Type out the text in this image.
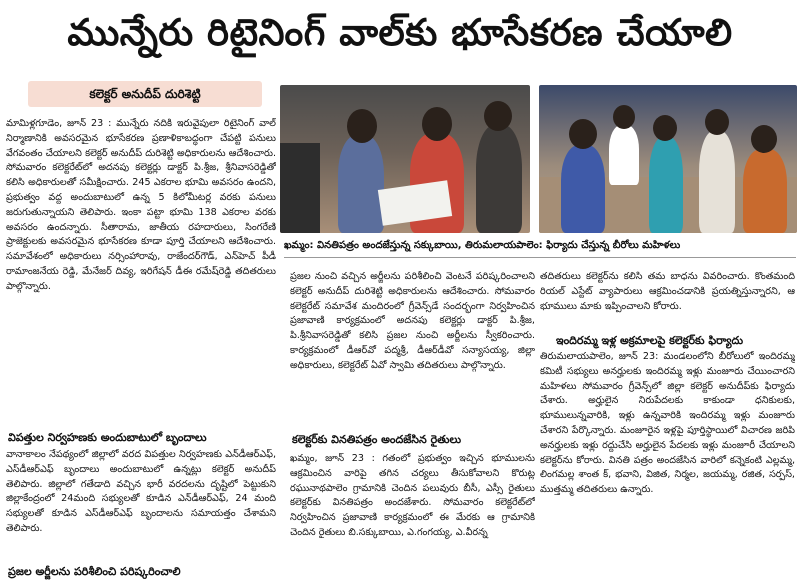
మున్నేరు రిటైనింగ్ వాల్‌కు భూసేకరణ చేయాలి
కలెక్టర్ అనుదీప్ దురిశెట్టి

మామిళ్లగూడెం, జూన్ 23 : మున్నేరు నదికి ఇరువైపులా రిటైనింగ్ వాల్ నిర్మాణానికి అవసరమైన భూసేకరణ ప్రణాళికాబద్ధంగా చేపట్టి పనులు వేగవంతం చేయాలని కలెక్టర్ అనుదీప్ దురిశెట్టి అధికారులను ఆదేశించారు. సోమవారం కలెక్టరేట్‌లో అదనపు కలెక్టర్లు డాక్టర్ పి.శ్రీజ, శ్రీనివాసరెడ్డితో కలిసి అధికారులతో సమీక్షించారు. 245 ఎకరాల భూమి అవసరం ఉందని, ప్రభుత్వం వద్ద అందుబాటులో ఉన్న 5 కిలోమీటర్ల వరకు పనులు జరుగుతున్నాయని తెలిపారు. ఇంకా పట్టా భూమి 138 ఎకరాల వరకు అవసరం ఉందన్నారు. సీతారామ, జాతీయ రహదారులు, సింగరేణి ప్రాజెక్టులకు అవసరమైన భూసేకరణ కూడా పూర్తి చేయాలని ఆదేశించారు. సమావేశంలో అధికారులు నర్సింహారావు, రాజేందర్‌గౌడ్, ఎన్‌హెచ్ పీడీ రామాంజనేయ రెడ్డి, మేనేజర్ దివ్య, ఇరిగేషన్ డీఈ రమేష్‌రెడ్డి తదితరులు పాల్గొన్నారు.

విపత్తుల నిర్వహణకు అందుబాటులో బృందాలు

వానాకాలం నేపథ్యంలో జిల్లాలో వరద విపత్తుల నిర్వహణకు ఎన్‌డీఆర్ఎఫ్, ఎస్‌డీఆర్ఎఫ్ బృందాలు అందుబాటులో ఉన్నట్లు కలెక్టర్ అనుదీప్ తెలిపారు. జిల్లాలో గతేడాది వచ్చిన భారీ వరదలను దృష్టిలో పెట్టుకుని జిల్లాకేంద్రంలో 24మంది సభ్యులతో కూడిన ఎన్‌డీఆర్ఎఫ్, 24 మంది సభ్యులతో కూడిన ఎస్‌డీఆర్ఎఫ్ బృందాలను సమాయత్తం చేశామని తెలిపారు.

ప్రజల అర్జీలను పరిశీలించి పరిష్కరించాలి
ఖమ్మం: వినతిపత్రం అందజేస్తున్న సక్కుబాయి, తిరుమలాయపాలెం: ఫిర్యాదు చేస్తున్న బీరోలు మహిళలు

ప్రజల నుంచి వచ్చిన అర్జీలను పరిశీలించి వెంటనే పరిష్కరించాలని కలెక్టర్ అనుదీప్ దురిశెట్టి అధికారులను ఆదేశించారు. సోమవారం కలెక్టరేట్ సమావేశ మందిరంలో గ్రీవెన్స్‌డే సందర్భంగా నిర్వహించిన ప్రజావాణి కార్యక్రమంలో అదనపు కలెక్టర్లు డాక్టర్ పి.శ్రీజ, పి.శ్రీనివాసరెడ్డితో కలిసి ప్రజల నుంచి అర్జీలను స్వీకరించారు. కార్యక్రమంలో డీఆర్‌వో పద్మశ్రీ, డీఆర్‌డీవో సన్యాసయ్య, జిల్లా అధికారులు, కలెక్టరేట్ ఏవో స్వామి తదితరులు పాల్గొన్నారు.

కలెక్టర్‌కు వినతిపత్రం అందజేసిన రైతులు

ఖమ్మం, జూన్ 23 : గతంలో ప్రభుత్వం ఇచ్చిన భూములను ఆక్రమించిన వారిపై తగిన చర్యలు తీసుకోవాలని కొరుట్ల రఘునాథపాలెం గ్రామానికి చెందిన పలువురు బీసీ, ఎస్సీ రైతులు కలెక్టర్‌కు వినతిపత్రం అందజేశారు. సోమవారం కలెక్టరేట్‌లో నిర్వహించిన ప్రజావాణి కార్యక్రమంలో ఈ మేరకు ఆ గ్రామానికి చెందిన రైతులు బి.సక్కుబాయి, ఎ.గంగయ్య, ఎ.వీరన్న

తదితరులు కలెక్టర్‌ను కలిసి తమ బాధను వివరించారు. కొంతమంది రియల్ ఎస్టేట్ వ్యాపారులు ఆక్రమించడానికి ప్రయత్నిస్తున్నారని, ఆ భూములు మాకు ఇప్పించాలని కోరారు.

ఇందిరమ్మ ఇళ్ల అక్రమాలపై కలెక్టర్‌కు ఫిర్యాదు

తిరుమలాయపాలెం, జూన్ 23: మండలంలోని బీరోలులో ఇందిరమ్మ కమిటీ సభ్యులు అనర్హులకు ఇందిరమ్మ ఇళ్లు మంజూరు చేయించారని మహిళలు సోమవారం గ్రీవెన్స్‌లో జిల్లా కలెక్టర్ అనుదీప్‌కు ఫిర్యాదు చేశారు. అర్హులైన నిరుపేదలకు కాకుండా ధనికులకు, భూములున్నవారికి, ఇళ్లు ఉన్నవారికి ఇందిరమ్మ ఇళ్లు మంజూరు చేశారని పేర్కొన్నారు. మంజూరైన ఇళ్లపై పూర్తిస్థాయిలో విచారణ జరిపి అనర్హులకు ఇళ్లు రద్దుచేసి అర్హులైన పేదలకు ఇళ్లు మంజూరీ చేయాలని కలెక్టర్‌ను కోరారు. వినతి పత్రం అందజేసిన వారిలో కన్నెకంటి ఎల్లమ్మ, లింగమల్ల శాంత క్, భవాని, విజిత, నిర్మల, జయమ్మ, రజిత, సర్పస్, ముత్తమ్మ తదితరులు ఉన్నారు.
